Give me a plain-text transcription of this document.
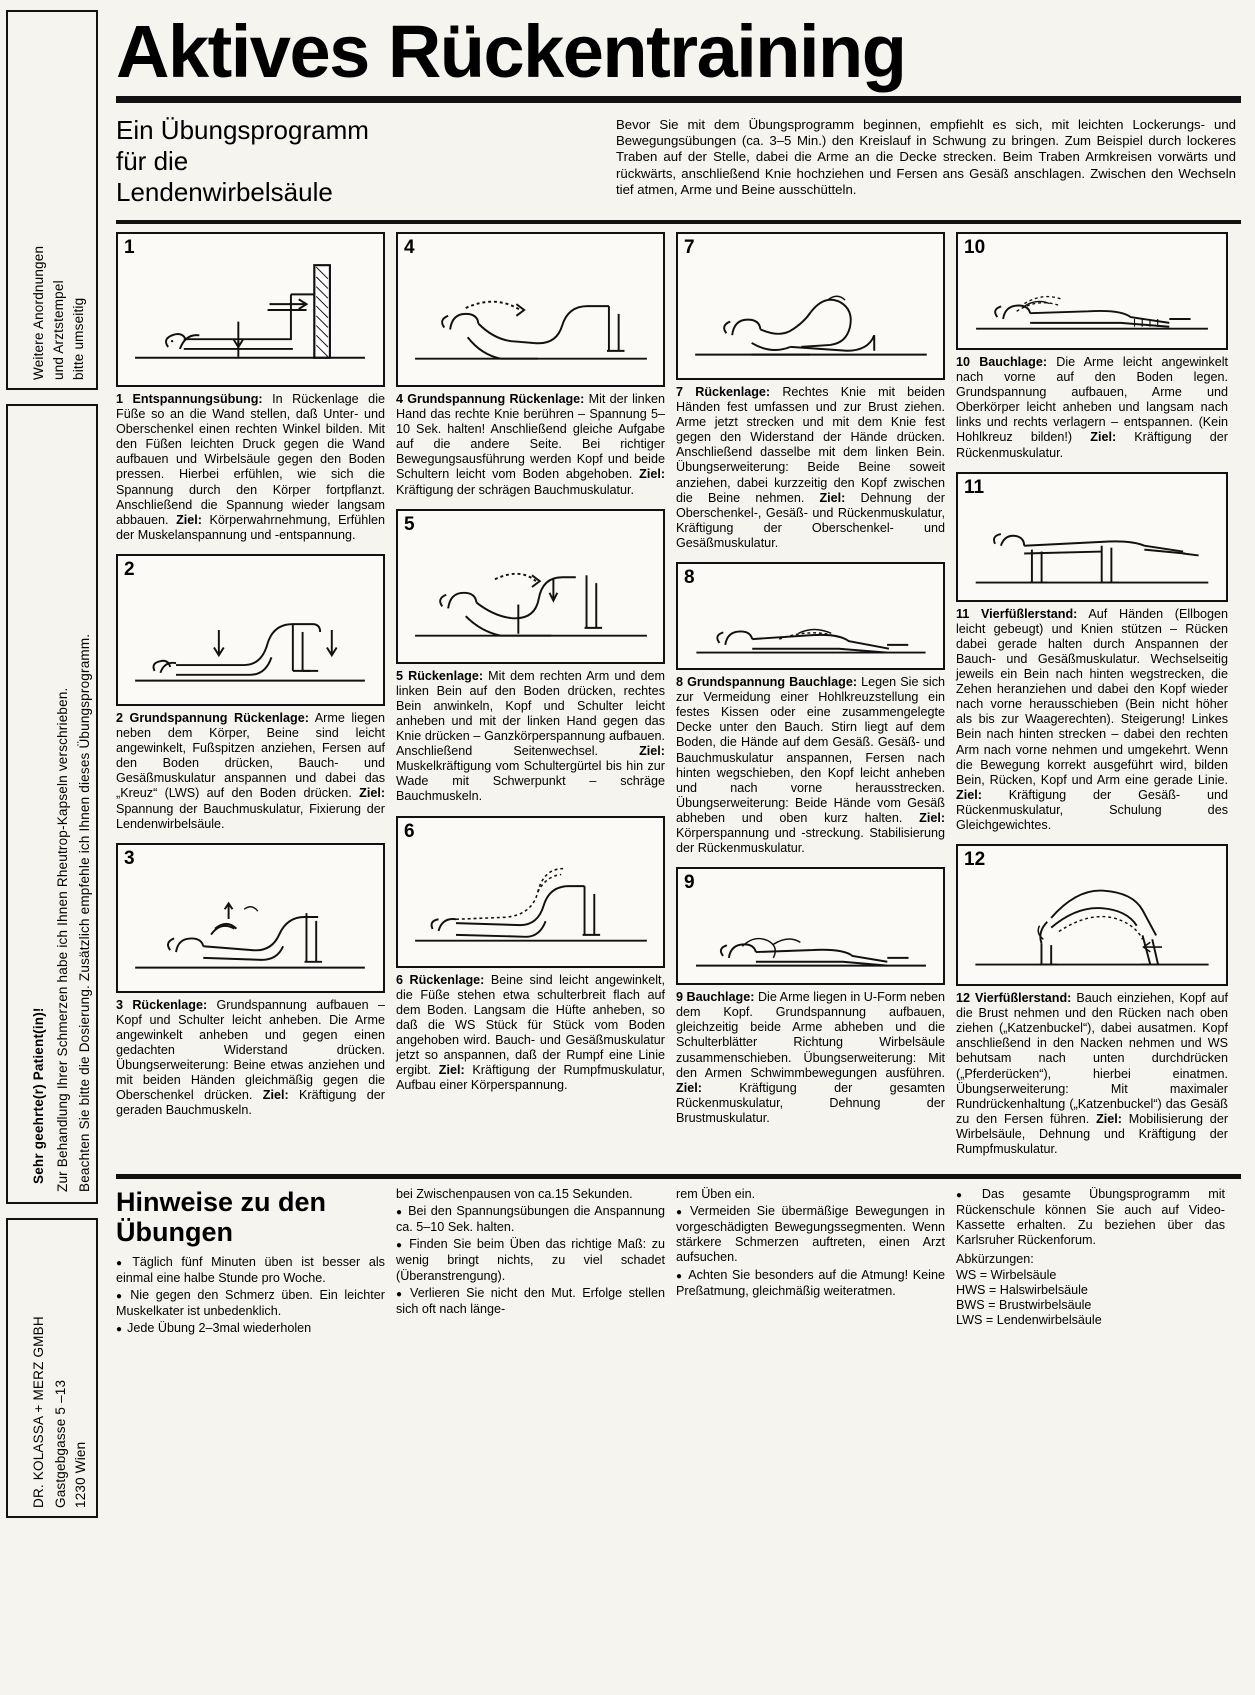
Weitere Anordnungen und Arztstempel bitte umseitig
Sehr geehrte(r) Patient(in)! Zur Behandlung Ihrer Schmerzen habe ich Ihnen Rheutrop-Kapseln verschrieben. Beachten Sie bitte die Dosierung. Zusätzlich empfehle ich Ihnen dieses Übungsprogramm.
DR. KOLASSA + MERZ GMBH Gastgebgasse 5 –13 1230 Wien
Aktives Rückentraining
Ein Übungsprogramm
für die
Lendenwirbelsäule
Bevor Sie mit dem Übungsprogramm beginnen, empfiehlt es sich, mit leichten Lockerungs- und Bewegungsübungen (ca. 3–5 Min.) den Kreislauf in Schwung zu bringen. Zum Beispiel durch lockeres Traben auf der Stelle, dabei die Arme an die Decke strecken. Beim Traben Armkreisen vorwärts und rückwärts, anschließend Knie hochziehen und Fersen ans Gesäß anschlagen. Zwischen den Wechseln tief atmen, Arme und Beine ausschütteln.
1
1 Entspannungsübung: In Rückenlage die Füße so an die Wand stellen, daß Unter- und Oberschenkel einen rechten Winkel bilden. Mit den Füßen leichten Druck gegen die Wand aufbauen und Wirbelsäule gegen den Boden pressen. Hierbei erfühlen, wie sich die Spannung durch den Körper fortpflanzt. Anschließend die Spannung wieder langsam abbauen. Ziel: Körperwahrnehmung, Erfühlen der Muskelanspannung und -entspannung.
2
2 Grundspannung Rückenlage: Arme liegen neben dem Körper, Beine sind leicht angewinkelt, Fußspitzen anziehen, Fersen auf den Boden drücken, Bauch- und Gesäßmuskulatur anspannen und dabei das „Kreuz“ (LWS) auf den Boden drücken. Ziel: Spannung der Bauchmuskulatur, Fixierung der Lendenwirbelsäule.
3
3 Rückenlage: Grundspannung aufbauen – Kopf und Schulter leicht anheben. Die Arme angewinkelt anheben und gegen einen gedachten Widerstand drücken. Übungserweiterung: Beine etwas anziehen und mit beiden Händen gleichmäßig gegen die Oberschenkel drücken. Ziel: Kräftigung der geraden Bauchmuskeln.
4
4 Grundspannung Rückenlage: Mit der linken Hand das rechte Knie berühren – Spannung 5–10 Sek. halten! Anschließend gleiche Aufgabe auf die andere Seite. Bei richtiger Bewegungsausführung werden Kopf und beide Schultern leicht vom Boden abgehoben. Ziel: Kräftigung der schrägen Bauchmuskulatur.
5
5 Rückenlage: Mit dem rechten Arm und dem linken Bein auf den Boden drücken, rechtes Bein anwinkeln, Kopf und Schulter leicht anheben und mit der linken Hand gegen das Knie drücken – Ganzkörperspannung aufbauen. Anschließend Seitenwechsel.	Ziel: Muskelkräftigung vom Schultergürtel bis hin zur Wade mit Schwerpunkt – schräge Bauchmuskeln.
6
6 Rückenlage: Beine sind leicht angewinkelt, die Füße stehen etwa schulterbreit flach auf dem Boden. Langsam die Hüfte anheben, so daß die WS Stück für Stück vom Boden angehoben wird. Bauch- und Gesäßmuskulatur jetzt so anspannen, daß der Rumpf eine Linie ergibt. Ziel: Kräftigung der Rumpfmuskulatur, Aufbau einer Körperspannung.
7
7 Rückenlage: Rechtes Knie mit beiden Händen fest umfassen und zur Brust ziehen. Arme jetzt strecken und mit dem Knie fest gegen den Widerstand der Hände drücken. Anschließend dasselbe mit dem linken Bein. Übungserweiterung: Beide Beine soweit anziehen, dabei kurzzeitig den Kopf zwischen die Beine nehmen. Ziel: Dehnung der Oberschenkel-, Gesäß- und Rückenmuskulatur, Kräftigung der Oberschenkel- und Gesäßmuskulatur.
8
8 Grundspannung Bauchlage: Legen Sie sich zur Vermeidung einer Hohlkreuzstellung ein festes Kissen oder eine zusammengelegte Decke unter den Bauch. Stirn liegt auf dem Boden, die Hände auf dem Gesäß. Gesäß- und Bauchmuskulatur anspannen, Fersen nach hinten wegschieben, den Kopf leicht anheben und nach vorne herausstrecken. Übungserweiterung: Beide Hände vom Gesäß abheben und oben kurz halten. Ziel: Körperspannung und -streckung. Stabilisierung der Rückenmuskulatur.
9
9 Bauchlage: Die Arme liegen in U-Form neben dem Kopf. Grundspannung aufbauen, gleichzeitig beide Arme abheben und die Schulterblätter Richtung Wirbelsäule zusammenschieben. Übungserweiterung: Mit den Armen Schwimmbewegungen ausführen. Ziel: Kräftigung der gesamten Rückenmuskulatur, Dehnung der Brustmuskulatur.
10
10 Bauchlage: Die Arme leicht angewinkelt nach vorne auf den Boden legen. Grundspannung aufbauen, Arme und Oberkörper leicht anheben und langsam nach links und rechts verlagern – entspannen. (Kein Hohlkreuz bilden!) Ziel: Kräftigung der Rückenmuskulatur.
11
11 Vierfüßlerstand: Auf Händen (Ellbogen leicht gebeugt) und Knien stützen – Rücken dabei gerade halten durch Anspannen der Bauch- und Gesäßmuskulatur. Wechselseitig jeweils ein Bein nach hinten wegstrecken, die Zehen heranziehen und dabei den Kopf wieder nach vorne herausschieben (Bein nicht höher als bis zur Waagerechten). Steigerung! Linkes Bein nach hinten strecken – dabei den rechten Arm nach vorne nehmen und umgekehrt. Wenn die Bewegung korrekt ausgeführt wird, bilden Bein, Rücken, Kopf und Arm eine gerade Linie. Ziel: Kräftigung der Gesäß- und Rückenmuskulatur, Schulung des Gleichgewichtes.
12
12 Vierfüßlerstand: Bauch einziehen, Kopf auf die Brust nehmen und den Rücken nach oben ziehen („Katzenbuckel“), dabei ausatmen. Kopf anschließend in den Nacken nehmen und WS behutsam nach unten durchdrücken („Pferderücken“), hierbei einatmen. Übungserweiterung: Mit maximaler Rundrückenhaltung („Katzenbuckel“) das Gesäß zu den Fersen führen. Ziel: Mobilisierung der Wirbelsäule, Dehnung und Kräftigung der Rumpfmuskulatur.
Hinweise zu den
Übungen

● Täglich fünf Minuten üben ist besser als einmal eine halbe Stunde pro Woche.

● Nie gegen den Schmerz üben. Ein leichter Muskelkater ist unbedenklich.

● Jede Übung 2–3mal wiederholen

bei Zwischenpausen von ca.15 Sekunden.

● Bei den Spannungsübungen die Anspannung ca. 5–10 Sek. halten.

● Finden Sie beim Üben das richtige Maß: zu wenig bringt nichts, zu viel schadet (Überanstrengung).

● Verlieren Sie nicht den Mut. Erfolge stellen sich oft nach länge-

rem Üben ein.

● Vermeiden Sie übermäßige Bewegungen in vorgeschädigten Bewegungssegmenten. Wenn stärkere Schmerzen auftreten, einen Arzt aufsuchen.

● Achten Sie besonders auf die Atmung! Keine Preßatmung, gleichmäßig weiteratmen.

● Das gesamte Übungsprogramm mit Rückenschule können Sie auch auf Video-Kassette erhalten. Zu beziehen über das Karlsruher Rückenforum.

Abkürzungen:

WS = Wirbelsäule

HWS = Halswirbelsäule

BWS = Brustwirbelsäule

LWS = Lendenwirbelsäule
